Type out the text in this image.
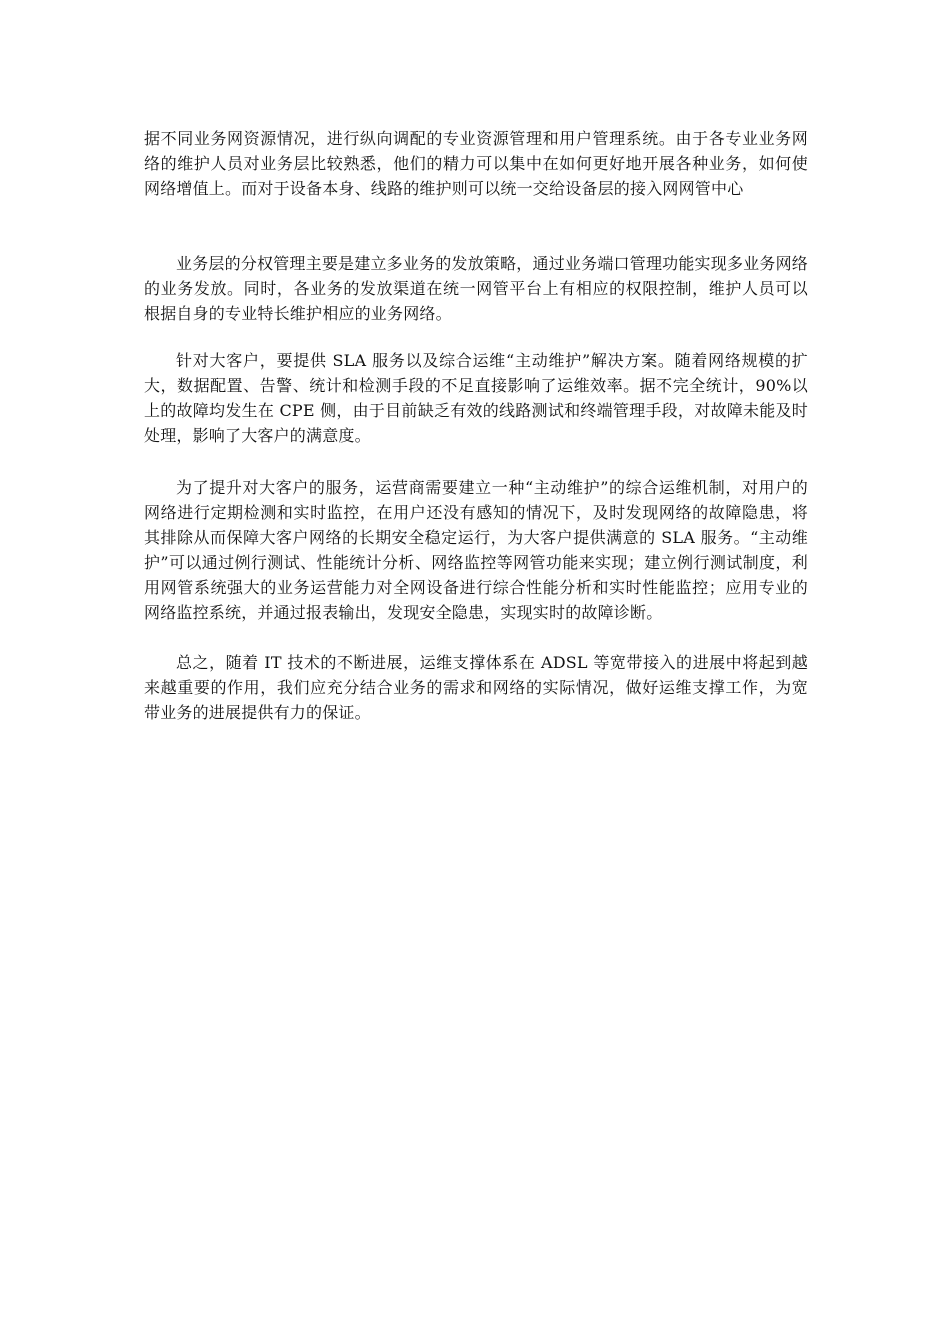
据不同业务网资源情况，进行纵向调配的专业资源管理和用户管理系统。由于各专业业务网络的维护人员对业务层比较熟悉，他们的精力可以集中在如何更好地开展各种业务，如何使网络增值上。而对于设备本身、线路的维护则可以统一交给设备层的接入网网管中心

业务层的分权管理主要是建立多业务的发放策略，通过业务端口管理功能实现多业务网络的业务发放。同时，各业务的发放渠道在统一网管平台上有相应的权限控制，维护人员可以根据自身的专业特长维护相应的业务网络。

针对大客户，要提供 SLA 服务以及综合运维“主动维护”解决方案。随着网络规模的扩大，数据配置、告警、统计和检测手段的不足直接影响了运维效率。据不完全统计，90%以上的故障均发生在 CPE 侧，由于目前缺乏有效的线路测试和终端管理手段，对故障未能及时处理，影响了大客户的满意度。

为了提升对大客户的服务，运营商需要建立一种“主动维护”的综合运维机制，对用户的网络进行定期检测和实时监控，在用户还没有感知的情况下，及时发现网络的故障隐患，将其排除从而保障大客户网络的长期安全稳定运行，为大客户提供满意的 SLA 服务。“主动维护”可以通过例行测试、性能统计分析、网络监控等网管功能来实现；建立例行测试制度，利用网管系统强大的业务运营能力对全网设备进行综合性能分析和实时性能监控；应用专业的网络监控系统，并通过报表输出，发现安全隐患，实现实时的故障诊断。

总之，随着 IT 技术的不断进展，运维支撑体系在 ADSL 等宽带接入的进展中将起到越来越重要的作用，我们应充分结合业务的需求和网络的实际情况，做好运维支撑工作，为宽带业务的进展提供有力的保证。
